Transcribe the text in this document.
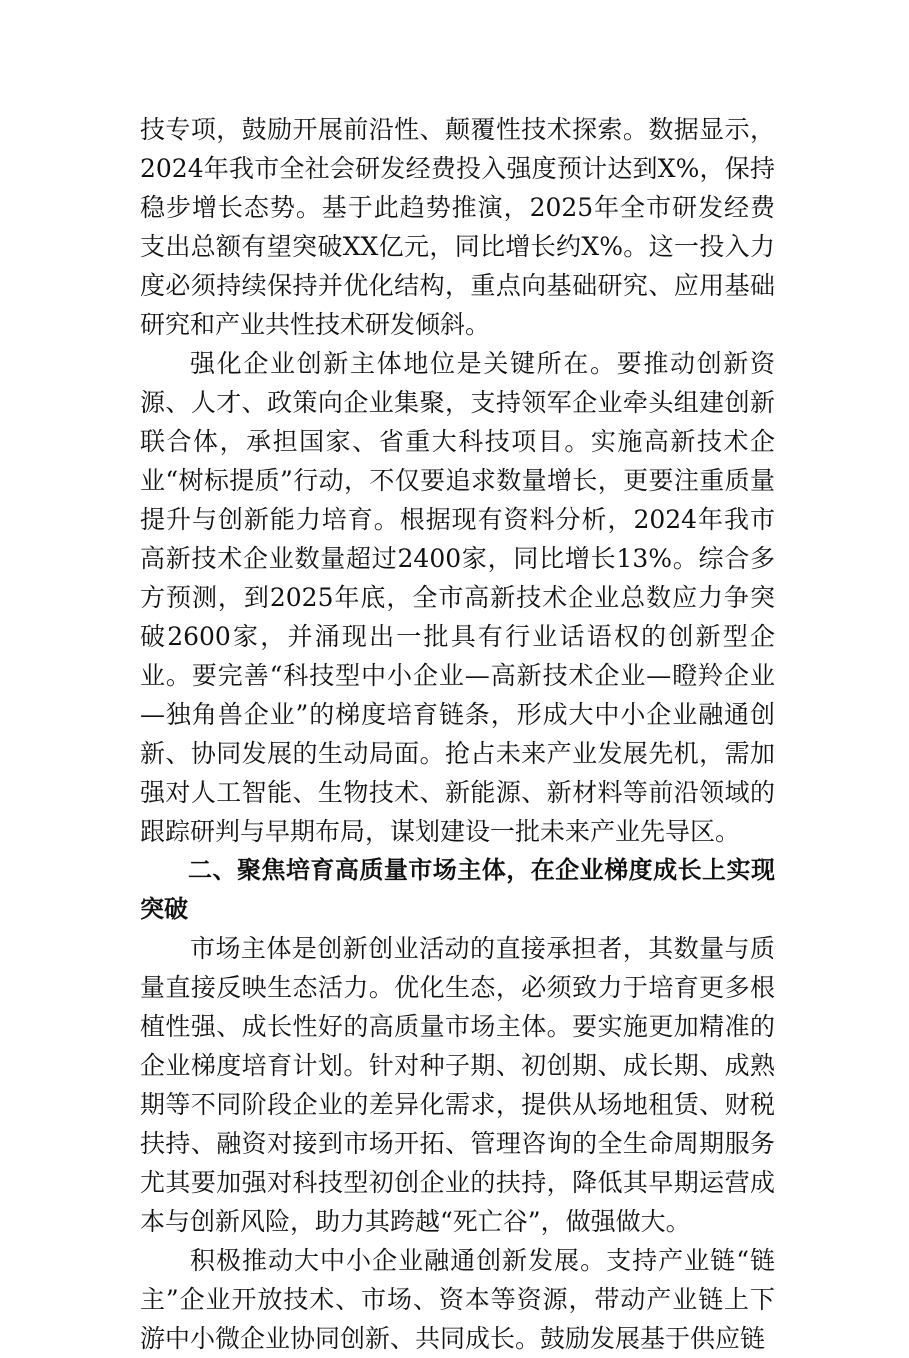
技专项，鼓励开展前沿性、颠覆性技术探索。数据显示，2024年我市全社会研发经费投入强度预计达到X%，保持稳步增长态势。基于此趋势推演，2025年全市研发经费支出总额有望突破XX亿元，同比增长约X%。这一投入力度必须持续保持并优化结构，重点向基础研究、应用基础研究和产业共性技术研发倾斜。

强化企业创新主体地位是关键所在。要推动创新资源、人才、政策向企业集聚，支持领军企业牵头组建创新联合体，承担国家、省重大科技项目。实施高新技术企业“树标提质”行动，不仅要追求数量增长，更要注重质量提升与创新能力培育。根据现有资料分析，2024年我市高新技术企业数量超过2400家，同比增长13%。综合多方预测，到2025年底，全市高新技术企业总数应力争突破2600家，并涌现出一批具有行业话语权的创新型企业。要完善“科技型中小企业—高新技术企业—瞪羚企业—独角兽企业”的梯度培育链条，形成大中小企业融通创新、协同发展的生动局面。抢占未来产业发展先机，需加强对人工智能、生物技术、新能源、新材料等前沿领域的跟踪研判与早期布局，谋划建设一批未来产业先导区。

二、聚焦培育高质量市场主体，在企业梯度成长上实现突破

市场主体是创新创业活动的直接承担者，其数量与质量直接反映生态活力。优化生态，必须致力于培育更多根植性强、成长性好的高质量市场主体。要实施更加精准的企业梯度培育计划。针对种子期、初创期、成长期、成熟期等不同阶段企业的差异化需求，提供从场地租赁、财税扶持、融资对接到市场开拓、管理咨询的全生命周期服务尤其要加强对科技型初创企业的扶持，降低其早期运营成本与创新风险，助力其跨越“死亡谷”，做强做大。

积极推动大中小企业融通创新发展。支持产业链“链主”企业开放技术、市场、资本等资源，带动产业链上下游中小微企业协同创新、共同成长。鼓励发展基于供应链
